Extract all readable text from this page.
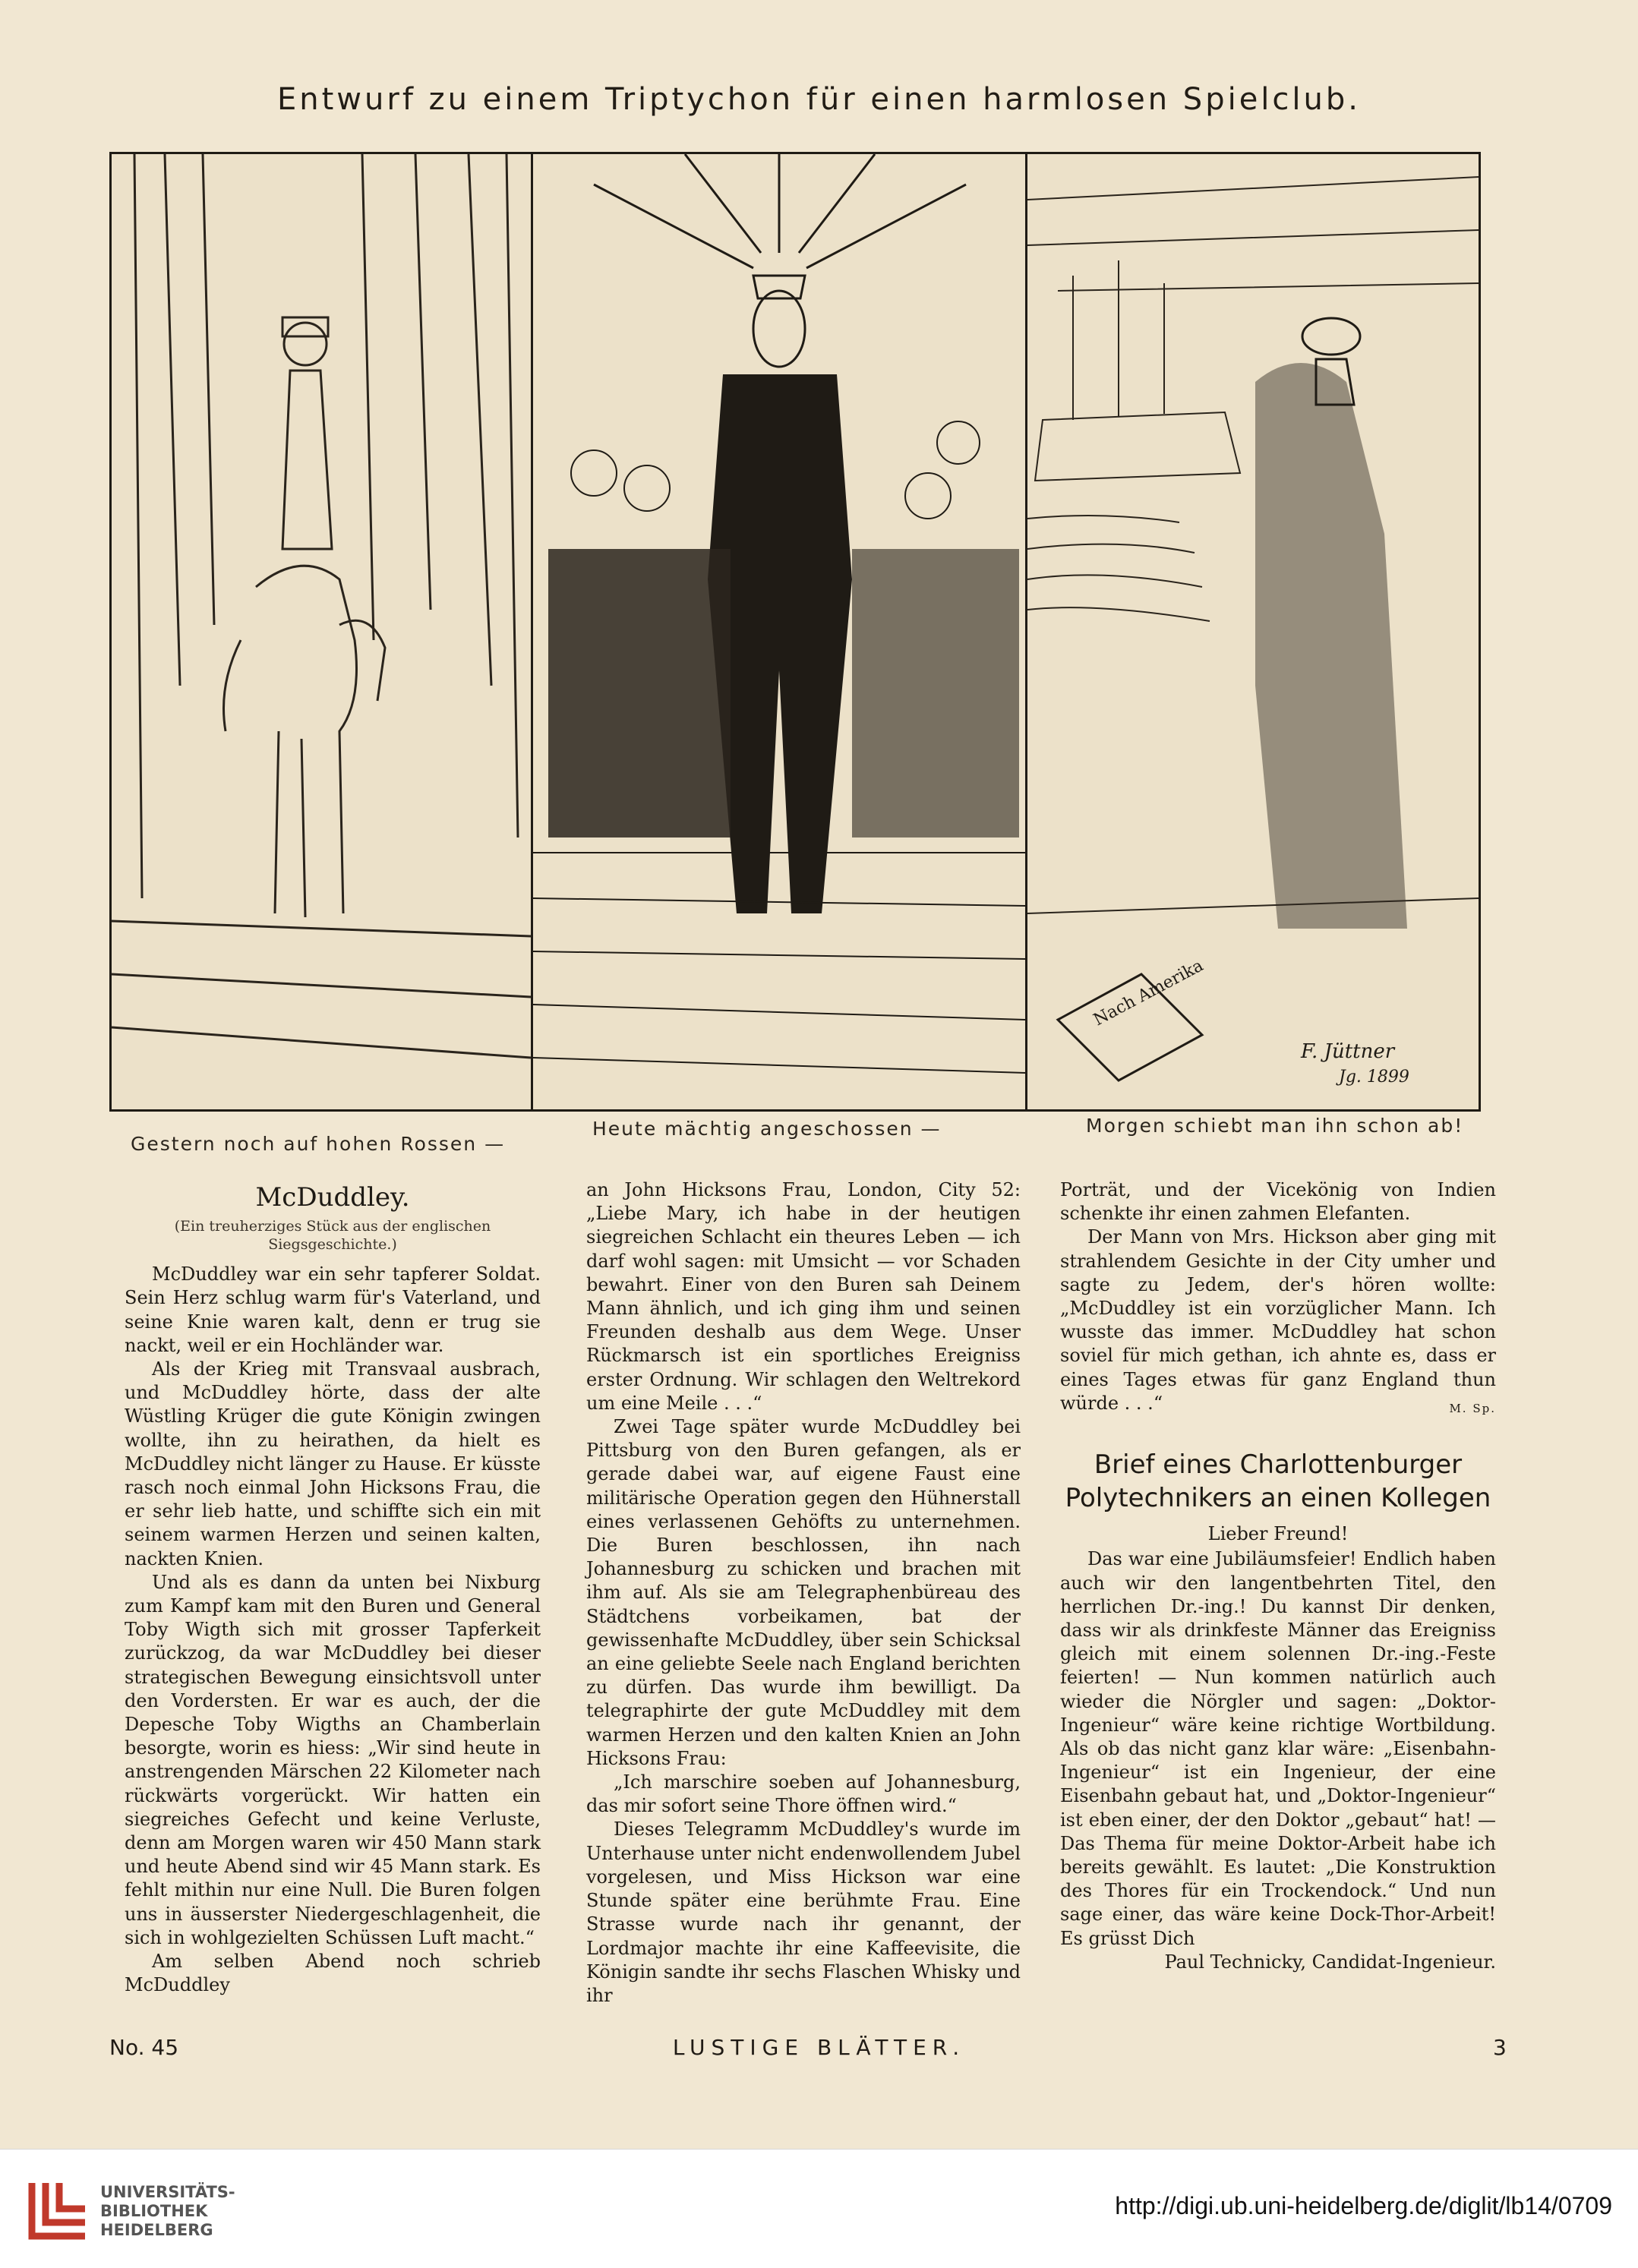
Entwurf zu einem Triptychon für einen harmlosen Spielclub.
Nach Amerika
F. Jüttner
Jg. 1899
Gestern noch auf hohen Rossen —
Heute mächtig angeschossen —	Morgen schiebt man ihn schon ab!
McDuddley.
(Ein treuherziges Stück aus der englischen Siegsgeschichte.)

McDuddley war ein sehr tapferer Soldat. Sein Herz schlug warm für's Vaterland, und seine Knie waren kalt, denn er trug sie nackt, weil er ein Hochländer war.

Als der Krieg mit Transvaal ausbrach, und McDuddley hörte, dass der alte Wüstling Krüger die gute Königin zwingen wollte, ihn zu heirathen, da hielt es McDuddley nicht länger zu Hause. Er küsste rasch noch einmal John Hicksons Frau, die er sehr lieb hatte, und schiffte sich ein mit seinem warmen Herzen und seinen kalten, nackten Knien.

Und als es dann da unten bei Nixburg zum Kampf kam mit den Buren und General Toby Wigth sich mit grosser Tapferkeit zurückzog, da war McDuddley bei dieser strategischen Bewegung einsichtsvoll unter den Vordersten. Er war es auch, der die Depesche Toby Wigths an Chamberlain besorgte, worin es hiess: „Wir sind heute in anstrengenden Märschen 22 Kilometer nach rückwärts vorgerückt. Wir hatten ein siegreiches Gefecht und keine Verluste, denn am Morgen waren wir 450 Mann stark und heute Abend sind wir 45 Mann stark. Es fehlt mithin nur eine Null. Die Buren folgen uns in äusserster Niedergeschlagenheit, die sich in wohlgezielten Schüssen Luft macht.“

Am selben Abend noch schrieb McDuddley

an John Hicksons Frau, London, City 52: „Liebe Mary, ich habe in der heutigen siegreichen Schlacht ein theures Leben — ich darf wohl sagen: mit Umsicht — vor Schaden bewahrt. Einer von den Buren sah Deinem Mann ähnlich, und ich ging ihm und seinen Freunden deshalb aus dem Wege. Unser Rückmarsch ist ein sportliches Ereigniss erster Ordnung. Wir schlagen den Weltrekord um eine Meile . . .“

Zwei Tage später wurde McDuddley bei Pittsburg von den Buren gefangen, als er gerade dabei war, auf eigene Faust eine militärische Operation gegen den Hühnerstall eines verlassenen Gehöfts zu unternehmen. Die Buren beschlossen, ihn nach Johannesburg zu schicken und brachen mit ihm auf. Als sie am Telegraphenbüreau des Städtchens vorbeikamen, bat der gewissenhafte McDuddley, über sein Schicksal an eine geliebte Seele nach England berichten zu dürfen. Das wurde ihm bewilligt. Da telegraphirte der gute McDuddley mit dem warmen Herzen und den kalten Knien an John Hicksons Frau:

„Ich marschire soeben auf Johannesburg, das mir sofort seine Thore öffnen wird.“

Dieses Telegramm McDuddley's wurde im Unterhause unter nicht endenwollendem Jubel vorgelesen, und Miss Hickson war eine Stunde später eine berühmte Frau. Eine Strasse wurde nach ihr genannt, der Lordmajor machte ihr eine Kaffeevisite, die Königin sandte ihr sechs Flaschen Whisky und ihr

Porträt, und der Vicekönig von Indien schenkte ihr einen zahmen Elefanten.

Der Mann von Mrs. Hickson aber ging mit strahlendem Gesichte in der City umher und sagte zu Jedem, der's hören wollte: „McDuddley ist ein vorzüglicher Mann. Ich wusste das immer. McDuddley hat schon soviel für mich gethan, ich ahnte es, dass er eines Tages etwas für ganz England thun würde . . .“	M. Sp.
Brief eines Charlottenburger Polytechnikers an einen Kollegen
Lieber Freund!

Das war eine Jubiläumsfeier! Endlich haben auch wir den langentbehrten Titel, den herrlichen Dr.-ing.! Du kannst Dir denken, dass wir als drinkfeste Männer das Ereigniss gleich mit einem solennen Dr.-ing.-Feste feierten! — Nun kommen natürlich auch wieder die Nörgler und sagen: „Doktor-Ingenieur“ wäre keine richtige Wortbildung. Als ob das nicht ganz klar wäre: „Eisenbahn-Ingenieur“ ist ein Ingenieur, der eine Eisenbahn gebaut hat, und „Doktor-Ingenieur“ ist eben einer, der den Doktor „gebaut“ hat! — Das Thema für meine Doktor-Arbeit habe ich bereits gewählt. Es lautet: „Die Konstruktion des Thores für ein Trockendock.“ Und nun sage einer, das wäre keine Dock-Thor-Arbeit! Es grüsst Dich

Paul Technicky, Candidat-Ingenieur.
No. 45	LUSTIGE BLÄTTER.	3
UNIVERSITÄTS-
BIBLIOTHEK
HEIDELBERG
http://digi.ub.uni-heidelberg.de/diglit/lb14/0709
